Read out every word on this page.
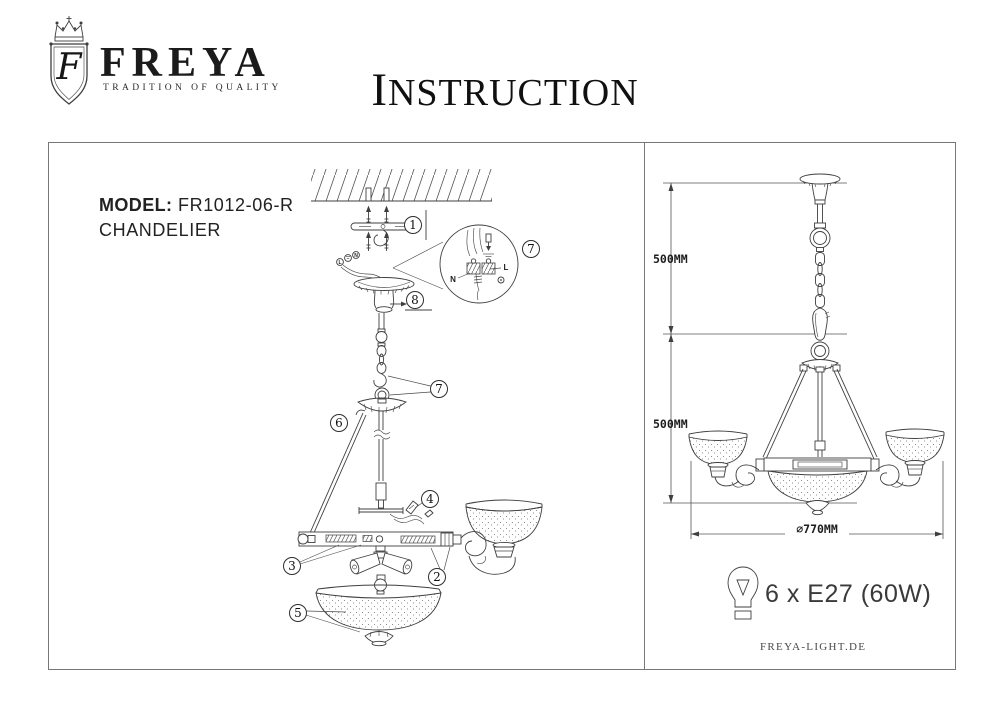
F FREYA
TRADITION OF QUALITY	INSTRUCTION
MODEL: FR1012-06-R
CHANDELIER	1
L
N
8
N
L
7
7
6
4
3
2
5
500MM
500MM
∅770MM
6 x E27 (60W)
FREYA-LIGHT.DE
